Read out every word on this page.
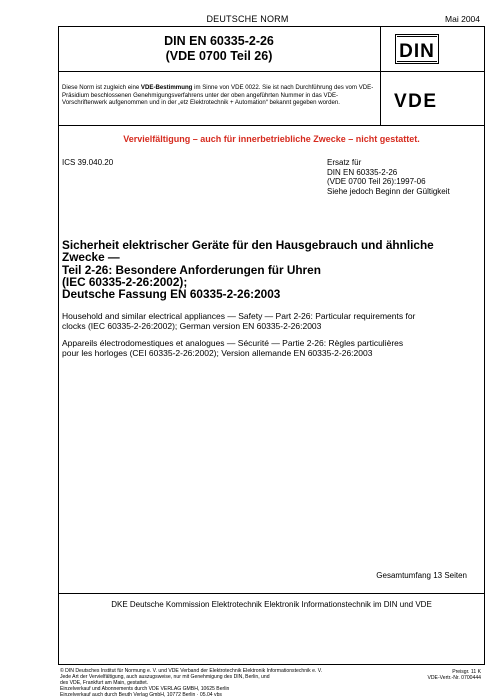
DEUTSCHE NORM	Mai 2004
DIN EN 60335-2-26
(VDE 0700 Teil 26)	DIN
VDE
Diese Norm ist zugleich eine VDE-Bestimmung im Sinne von VDE 0022. Sie ist nach Durchführung des vom VDE-Präsidium beschlossenen Genehmigungsverfahrens unter der oben angeführten Nummer in das VDE-Vorschriftenwerk aufgenommen und in der „etz Elektrotechnik + Automation“ bekannt gegeben worden.
Vervielfältigung – auch für innerbetriebliche Zwecke – nicht gestattet.
ICS 39.040.20	Ersatz für
DIN EN 60335-2-26
(VDE 0700 Teil 26):1997-06
Siehe jedoch Beginn der Gültigkeit
Sicherheit elektrischer Geräte für den Hausgebrauch und ähnliche
Zwecke —
Teil 2-26: Besondere Anforderungen für Uhren
(IEC 60335-2-26:2002);
Deutsche Fassung EN 60335-2-26:2003
Household and similar electrical appliances — Safety — Part 2-26: Particular requirements for
clocks (IEC 60335-2-26:2002); German version EN 60335-2-26:2003
Appareils électrodomestiques et analogues — Sécurité — Partie 2-26: Règles particulières
pour les horloges (CEI 60335-2-26:2002); Version allemande EN 60335-2-26:2003
Gesamtumfang 13 Seiten
DKE Deutsche Kommission Elektrotechnik Elektronik Informationstechnik im DIN und VDE
© DIN Deutsches Institut für Normung e. V. und VDE Verband der Elektrotechnik Elektronik Informationstechnik e. V.
Jede Art der Vervielfältigung, auch auszugsweise, nur mit Genehmigung des DIN, Berlin, und
des VDE, Frankfurt am Main, gestattet.
Einzelverkauf und Abonnements durch VDE VERLAG GMBH, 10625 Berlin
Einzelverkauf auch durch Beuth Verlag GmbH, 10772 Berlin · 05.04 vbs
Preisgr. 11 K
VDE-Vertr.-Nr. 0700444
